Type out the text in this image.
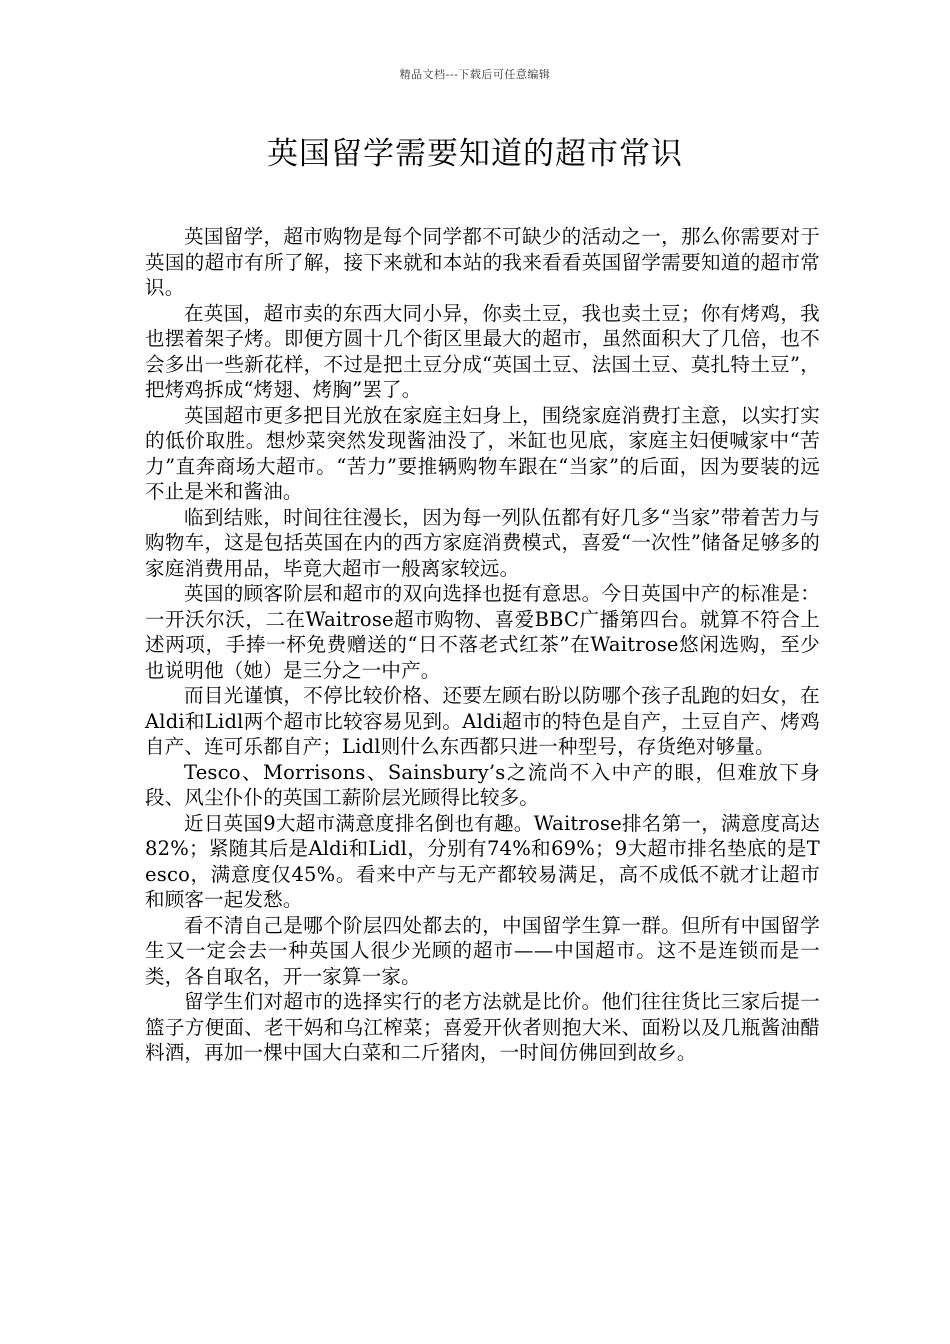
精品文档---下载后可任意编辑
英国留学需要知道的超市常识

英国留学，超市购物是每个同学都不可缺少的活动之一，那么你需要对于英国的超市有所了解，接下来就和本站的我来看看英国留学需要知道的超市常识。

在英国，超市卖的东西大同小异，你卖土豆，我也卖土豆；你有烤鸡，我也摆着架子烤。即便方圆十几个街区里最大的超市，虽然面积大了几倍，也不会多出一些新花样，不过是把土豆分成“英国土豆、法国土豆、莫扎特土豆”，把烤鸡拆成“烤翅、烤胸”罢了。

英国超市更多把目光放在家庭主妇身上，围绕家庭消费打主意，以实打实的低价取胜。想炒菜突然发现酱油没了，米缸也见底，家庭主妇便喊家中“苦力”直奔商场大超市。“苦力”要推辆购物车跟在“当家”的后面，因为要装的远不止是米和酱油。

临到结账，时间往往漫长，因为每一列队伍都有好几多“当家”带着苦力与购物车，这是包括英国在内的西方家庭消费模式，喜爱“一次性”储备足够多的家庭消费用品，毕竟大超市一般离家较远。

英国的顾客阶层和超市的双向选择也挺有意思。今日英国中产的标准是：一开沃尔沃，二在Waitrose超市购物、喜爱BBC广播第四台。就算不符合上述两项，手捧一杯免费赠送的“日不落老式红茶”在Waitrose悠闲选购，至少也说明他（她）是三分之一中产。

而目光谨慎，不停比较价格、还要左顾右盼以防哪个孩子乱跑的妇女，在Aldi和Lidl两个超市比较容易见到。Aldi超市的特色是自产，土豆自产、烤鸡自产、连可乐都自产；Lidl则什么东西都只进一种型号，存货绝对够量。

Tesco、Morrisons、Sainsbury’s之流尚不入中产的眼，但难放下身段、风尘仆仆的英国工薪阶层光顾得比较多。

近日英国9大超市满意度排名倒也有趣。Waitrose排名第一，满意度高达82%；紧随其后是Aldi和Lidl，分别有74%和69%；9大超市排名垫底的是Tesco，满意度仅45%。看来中产与无产都较易满足，高不成低不就才让超市和顾客一起发愁。

看不清自己是哪个阶层四处都去的，中国留学生算一群。但所有中国留学生又一定会去一种英国人很少光顾的超市——中国超市。这不是连锁而是一类，各自取名，开一家算一家。

留学生们对超市的选择实行的老方法就是比价。他们往往货比三家后提一篮子方便面、老干妈和乌江榨菜；喜爱开伙者则抱大米、面粉以及几瓶酱油醋料酒，再加一棵中国大白菜和二斤猪肉，一时间仿佛回到故乡。
